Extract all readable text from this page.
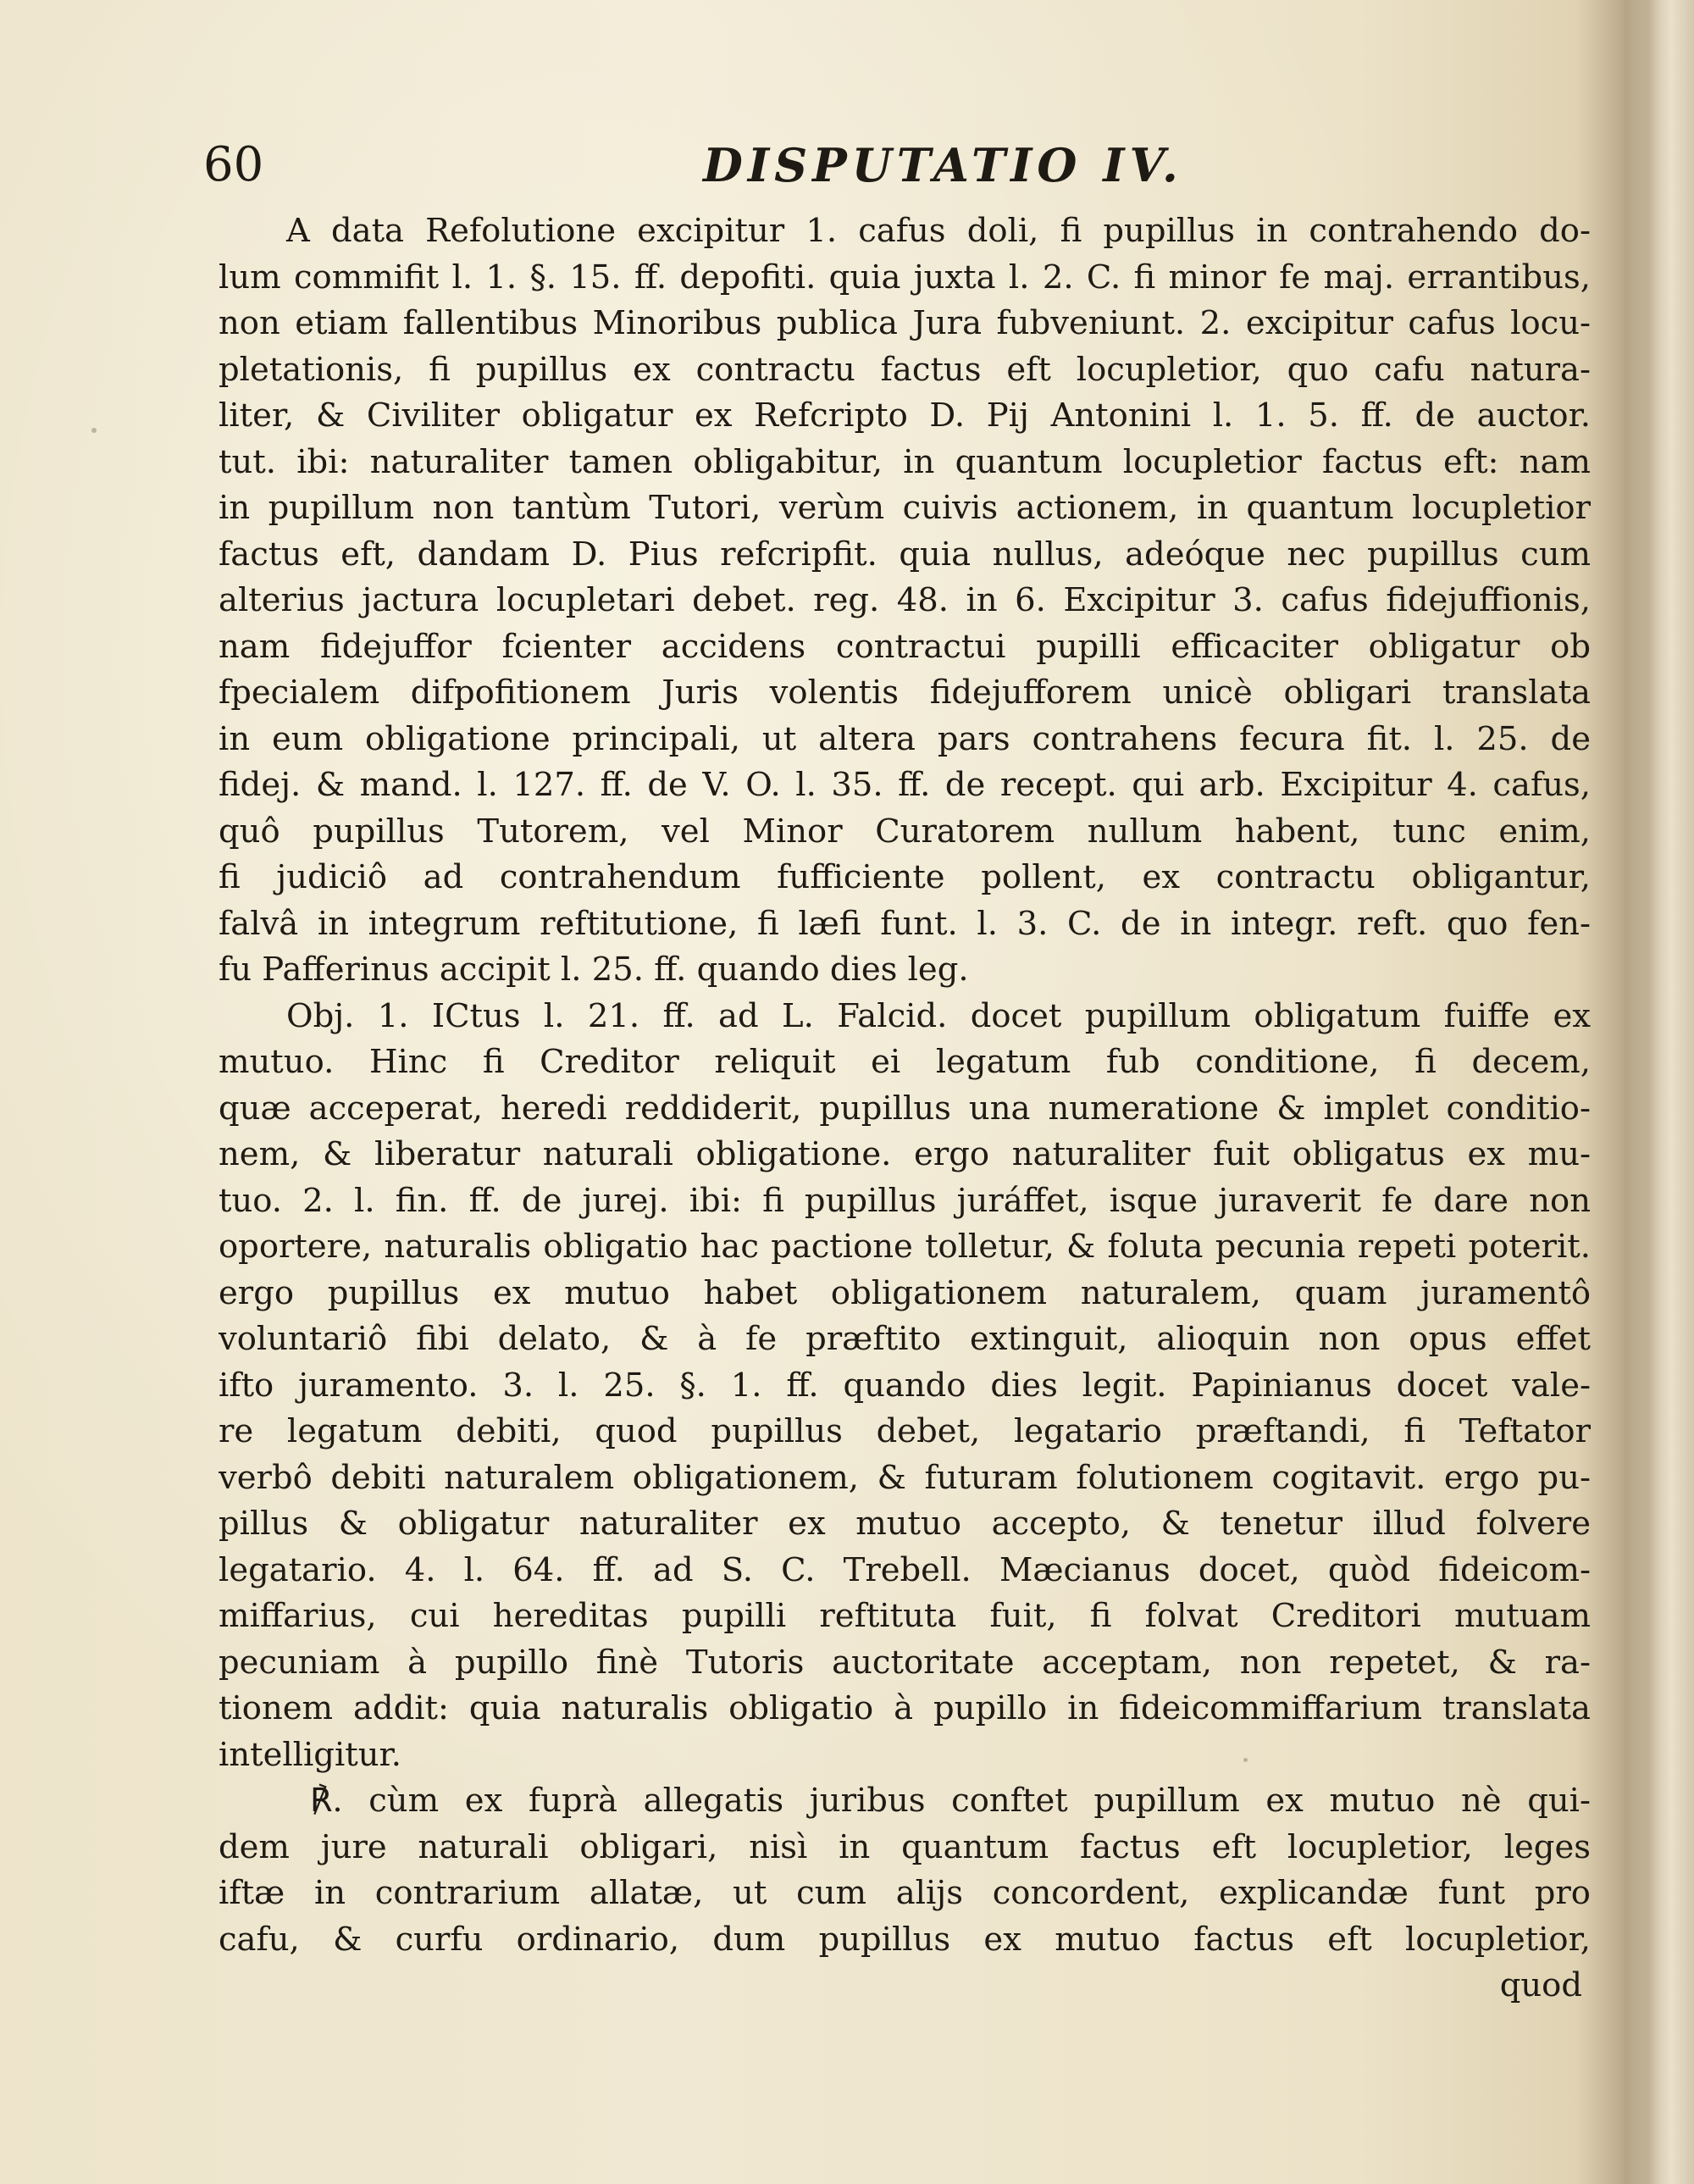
60	DISPUTATIO IV.
A data Refolutione excipitur 1. cafus doli, fi pupillus in contrahendo do-
lum commifit l. 1. §. 15. ff. depofiti. quia juxta l. 2. C. fi minor fe maj. errantibus,
non etiam fallentibus Minoribus publica Jura fubveniunt. 2. excipitur cafus locu-
pletationis, fi pupillus ex contractu factus eft locupletior, quo cafu natura-
liter, & Civiliter obligatur ex Refcripto D. Pij Antonini l. 1. 5. ff. de auctor.
tut. ibi: naturaliter tamen obligabitur, in quantum locupletior factus eft: nam
in pupillum non tantùm Tutori, verùm cuivis actionem, in quantum locupletior
factus eft, dandam D. Pius refcripfit. quia nullus, adeóque nec pupillus cum
alterius jactura locupletari debet. reg. 48. in 6. Excipitur 3. cafus fidejuffionis,
nam fidejuffor fcienter accidens contractui pupilli efficaciter obligatur ob
fpecialem difpofitionem Juris volentis fidejufforem unicè obligari translata
in eum obligatione principali, ut altera pars contrahens fecura fit. l. 25. de
fidej. & mand. l. 127. ff. de V. O. l. 35. ff. de recept. qui arb. Excipitur 4. cafus,
quô pupillus Tutorem, vel Minor Curatorem nullum habent, tunc enim,
fi judiciô ad contrahendum fufficiente pollent, ex contractu obligantur,
falvâ in integrum reftitutione, fi læfi funt. l. 3. C. de in integr. reft. quo fen-
fu Pafferinus accipit l. 25. ff. quando dies leg.
Obj. 1. ICtus l. 21. ff. ad L. Falcid. docet pupillum obligatum fuiffe ex
mutuo. Hinc fi Creditor reliquit ei legatum fub conditione, fi decem,
quæ acceperat, heredi reddiderit, pupillus una numeratione & implet conditio-
nem, & liberatur naturali obligatione. ergo naturaliter fuit obligatus ex mu-
tuo. 2. l. fin. ff. de jurej. ibi: fi pupillus juráffet, isque juraverit fe dare non
oportere, naturalis obligatio hac pactione tolletur, & foluta pecunia repeti poterit.
ergo pupillus ex mutuo habet obligationem naturalem, quam juramentô
voluntariô fibi delato, & à fe præftito extinguit, alioquin non opus effet
ifto juramento. 3. l. 25. §. 1. ff. quando dies legit. Papinianus docet vale-
re legatum debiti, quod pupillus debet, legatario præftandi, fi Teftator
verbô debiti naturalem obligationem, & futuram folutionem cogitavit. ergo pu-
pillus & obligatur naturaliter ex mutuo accepto, & tenetur illud folvere
legatario. 4. l. 64. ff. ad S. C. Trebell. Mæcianus docet, quòd fideicom-
miffarius, cui hereditas pupilli reftituta fuit, fi folvat Creditori mutuam
pecuniam à pupillo finè Tutoris auctoritate acceptam, non repetet, & ra-
tionem addit: quia naturalis obligatio à pupillo in fideicommiffarium translata
intelligitur.
℟. cùm ex fuprà allegatis juribus conftet pupillum ex mutuo nè qui-
dem jure naturali obligari, nisì in quantum factus eft locupletior, leges
iftæ in contrarium allatæ, ut cum alijs concordent, explicandæ funt pro
cafu, & curfu ordinario, dum pupillus ex mutuo factus eft locupletior,
quod
